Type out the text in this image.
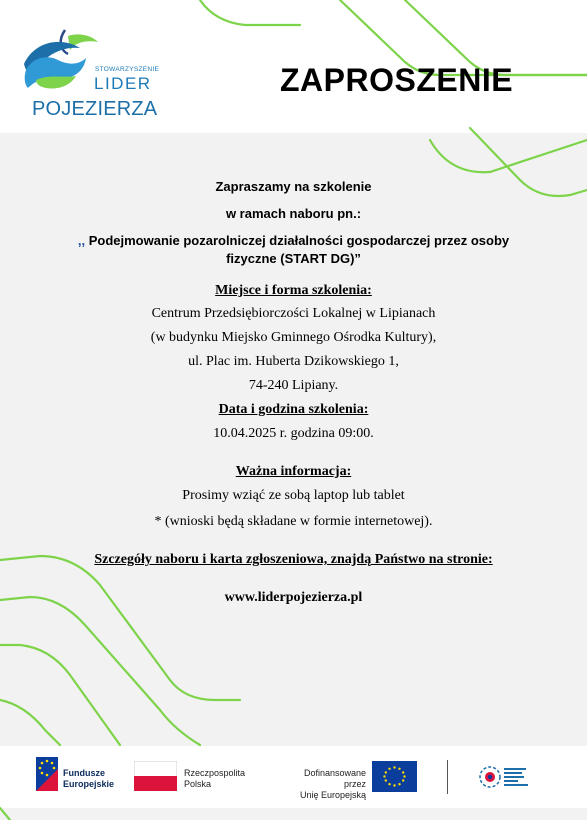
STOWARZYSZENIE
LIDER
POJEZIERZA
ZAPROSZENIE
Zapraszamy na szkolenie
w ramach naboru pn.:
,, Podejmowanie pozarolniczej działalności gospodarczej przez osoby
fizyczne (START DG)”
Miejsce i forma szkolenia:
Centrum Przedsiębiorczości Lokalnej w Lipianach
(w budynku Miejsko Gminnego Ośrodka Kultury),
ul. Plac im. Huberta Dzikowskiego 1,
74-240 Lipiany.
Data i godzina szkolenia:
10.04.2025 r. godzina 09:00.
Ważna informacja:
Prosimy wziąć ze sobą laptop lub tablet
* (wnioski będą składane w formie internetowej).
Szczegóły naboru i karta zgłoszeniowa, znajdą Państwo na stronie:
www.liderpojezierza.pl
Fundusze
Europejskie
Rzeczpospolita
Polska
Dofinansowane przez
Unię Europejską
